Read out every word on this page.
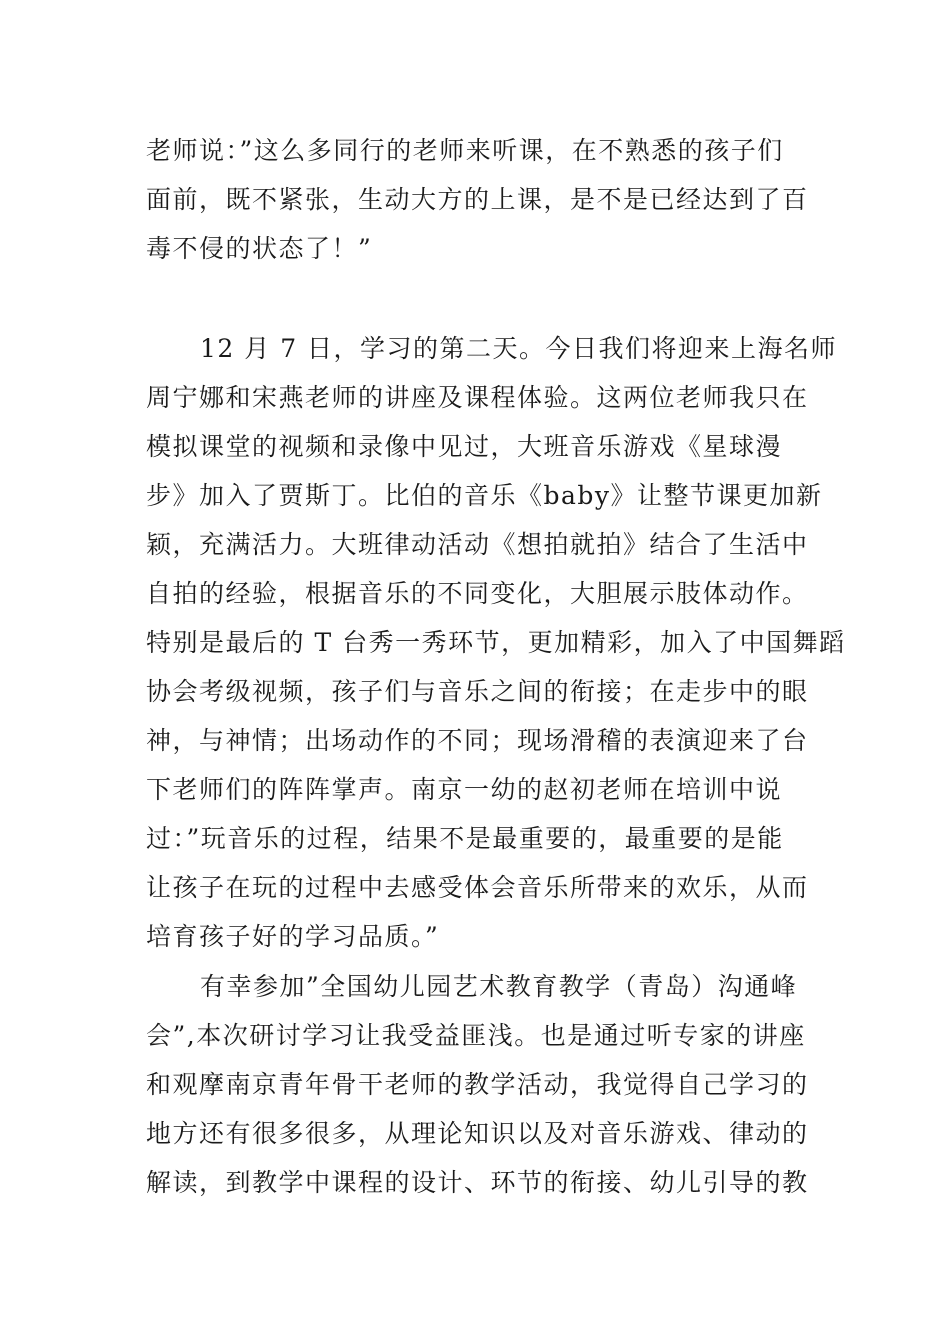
老师说：”这么多同行的老师来听课，在不熟悉的孩子们
面前，既不紧张，生动大方的上课，是不是已经达到了百
毒不侵的状态了！”
12 月 7 日，学习的第二天。今日我们将迎来上海名师
周宁娜和宋燕老师的讲座及课程体验。这两位老师我只在
模拟课堂的视频和录像中见过，大班音乐游戏《星球漫
步》加入了贾斯丁。比伯的音乐《baby》让整节课更加新
颖，充满活力。大班律动活动《想拍就拍》结合了生活中
自拍的经验，根据音乐的不同变化，大胆展示肢体动作。
特别是最后的 T 台秀一秀环节，更加精彩，加入了中国舞蹈
协会考级视频，孩子们与音乐之间的衔接；在走步中的眼
神，与神情；出场动作的不同；现场滑稽的表演迎来了台
下老师们的阵阵掌声。南京一幼的赵初老师在培训中说
过：”玩音乐的过程，结果不是最重要的，最重要的是能
让孩子在玩的过程中去感受体会音乐所带来的欢乐，从而
培育孩子好的学习品质。”
有幸参加”全国幼儿园艺术教育教学（青岛）沟通峰
会”,本次研讨学习让我受益匪浅。也是通过听专家的讲座
和观摩南京青年骨干老师的教学活动，我觉得自己学习的
地方还有很多很多，从理论知识以及对音乐游戏、律动的
解读，到教学中课程的设计、环节的衔接、幼儿引导的教
